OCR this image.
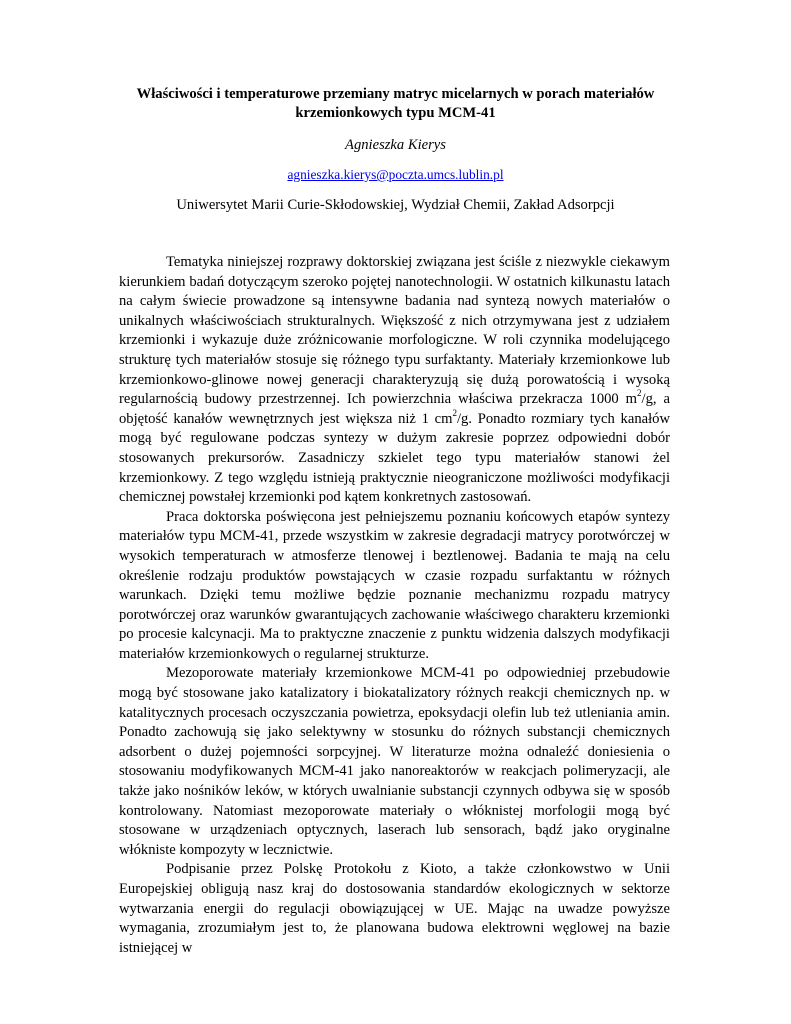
Właściwości i temperaturowe przemiany matryc micelarnych w porach materiałów krzemionkowych typu MCM-41
Agnieszka Kierys
agnieszka.kierys@poczta.umcs.lublin.pl
Uniwersytet Marii Curie-Skłodowskiej, Wydział Chemii, Zakład Adsorpcji

Tematyka niniejszej rozprawy doktorskiej związana jest ściśle z niezwykle ciekawym kierunkiem badań dotyczącym szeroko pojętej nanotechnologii. W ostatnich kilkunastu latach na całym świecie prowadzone są intensywne badania nad syntezą nowych materiałów o unikalnych właściwościach strukturalnych. Większość z nich otrzymywana jest z udziałem krzemionki i wykazuje duże zróżnicowanie morfologiczne. W roli czynnika modelującego strukturę tych materiałów stosuje się różnego typu surfaktanty. Materiały krzemionkowe lub krzemionkowo-glinowe nowej generacji charakteryzują się dużą porowatością i wysoką regularnością budowy przestrzennej. Ich powierzchnia właściwa przekracza 1000 $m^2/g$, a objętość kanałów wewnętrznych jest większa niż 1 $cm^2/g$. Ponadto rozmiary tych kanałów mogą być regulowane podczas syntezy w dużym zakresie poprzez odpowiedni dobór stosowanych prekursorów. Zasadniczy szkielet tego typu materiałów stanowi żel krzemionkowy. Z tego względu istnieją praktycznie nieograniczone możliwości modyfikacji chemicznej powstałej krzemionki pod kątem konkretnych zastosowań.

Praca doktorska poświęcona jest pełniejszemu poznaniu końcowych etapów syntezy materiałów typu MCM-41, przede wszystkim w zakresie degradacji matrycy porotwórczej w wysokich temperaturach w atmosferze tlenowej i beztlenowej. Badania te mają na celu określenie rodzaju produktów powstających w czasie rozpadu surfaktantu w różnych warunkach. Dzięki temu możliwe będzie poznanie mechanizmu rozpadu matrycy porotwórczej oraz warunków gwarantujących zachowanie właściwego charakteru krzemionki po procesie kalcynacji. Ma to praktyczne znaczenie z punktu widzenia dalszych modyfikacji materiałów krzemionkowych o regularnej strukturze.

Mezoporowate materiały krzemionkowe MCM-41 po odpowiedniej przebudowie mogą być stosowane jako katalizatory i biokatalizatory różnych reakcji chemicznych np. w katalitycznych procesach oczyszczania powietrza, epoksydacji olefin lub też utleniania amin. Ponadto zachowują się jako selektywny w stosunku do różnych substancji chemicznych adsorbent o dużej pojemności sorpcyjnej. W literaturze można odnaleźć doniesienia o stosowaniu modyfikowanych MCM-41 jako nanoreaktorów w reakcjach polimeryzacji, ale także jako nośników leków, w których uwalnianie substancji czynnych odbywa się w sposób kontrolowany. Natomiast mezoporowate materiały o włóknistej morfologii mogą być stosowane w urządzeniach optycznych, laserach lub sensorach, bądź jako oryginalne włókniste kompozyty w lecznictwie.

Podpisanie przez Polskę Protokołu z Kioto, a także członkowstwo w Unii Europejskiej obligują nasz kraj do dostosowania standardów ekologicznych w sektorze wytwarzania energii do regulacji obowiązującej w UE. Mając na uwadze powyższe wymagania, zrozumiałym jest to, że planowana budowa elektrowni węglowej na bazie istniejącej w
